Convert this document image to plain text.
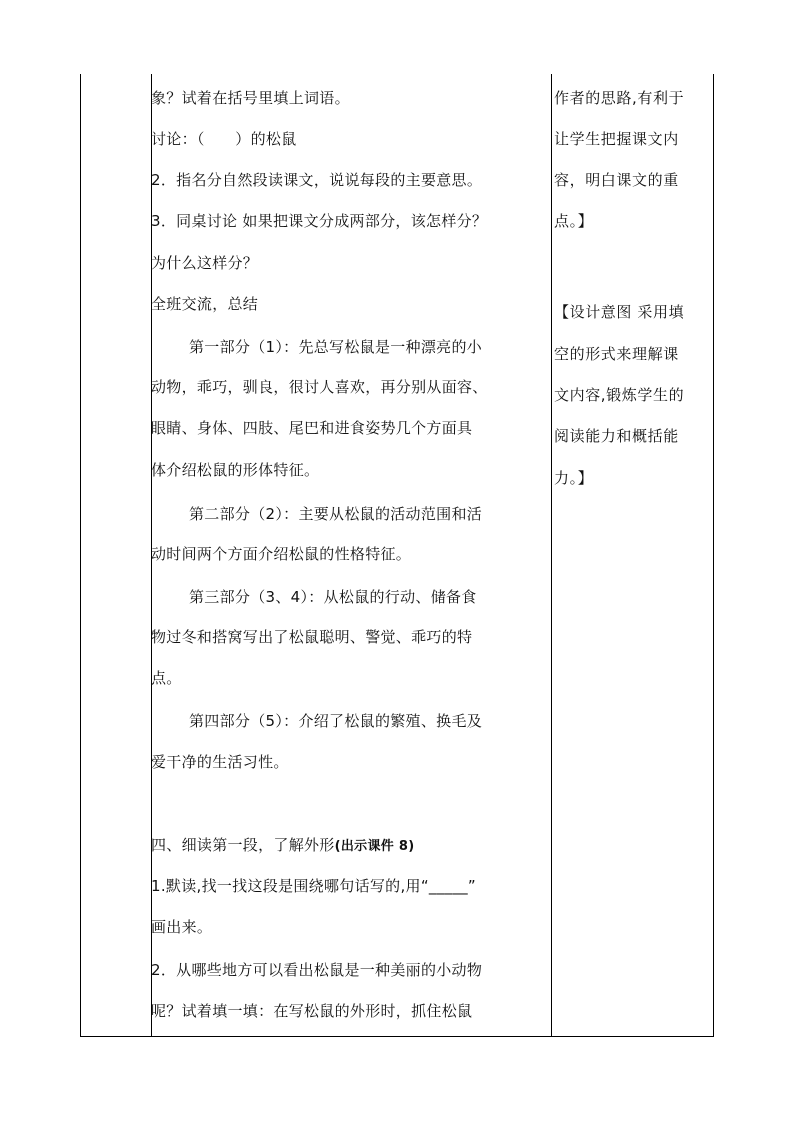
象？试着在括号里填上词语。
讨论：（　　）的松鼠
2．指名分自然段读课文，说说每段的主要意思。
3．同桌讨论 如果把课文分成两部分，该怎样分？
为什么这样分？
全班交流，总结
第一部分（1）：先总写松鼠是一种漂亮的小
动物，乖巧，驯良，很讨人喜欢，再分别从面容、
眼睛、身体、四肢、尾巴和进食姿势几个方面具
体介绍松鼠的形体特征。
第二部分（2）：主要从松鼠的活动范围和活
动时间两个方面介绍松鼠的性格特征。
第三部分（3、4）：从松鼠的行动、储备食
物过冬和搭窝写出了松鼠聪明、警觉、乖巧的特
点。
第四部分（5）：介绍了松鼠的繁殖、换毛及
爱干净的生活习性。
四、细读第一段，了解外形(出示课件 8)
1.默读,找一找这段是围绕哪句话写的,用“_____”
画出来。
2．从哪些地方可以看出松鼠是一种美丽的小动物
呢？试着填一填：在写松鼠的外形时，抓住松鼠
作者的思路,有利于
让学生把握课文内
容，明白课文的重
点。】
【设计意图 采用填
空的形式来理解课
文内容,锻炼学生的
阅读能力和概括能
力。】
